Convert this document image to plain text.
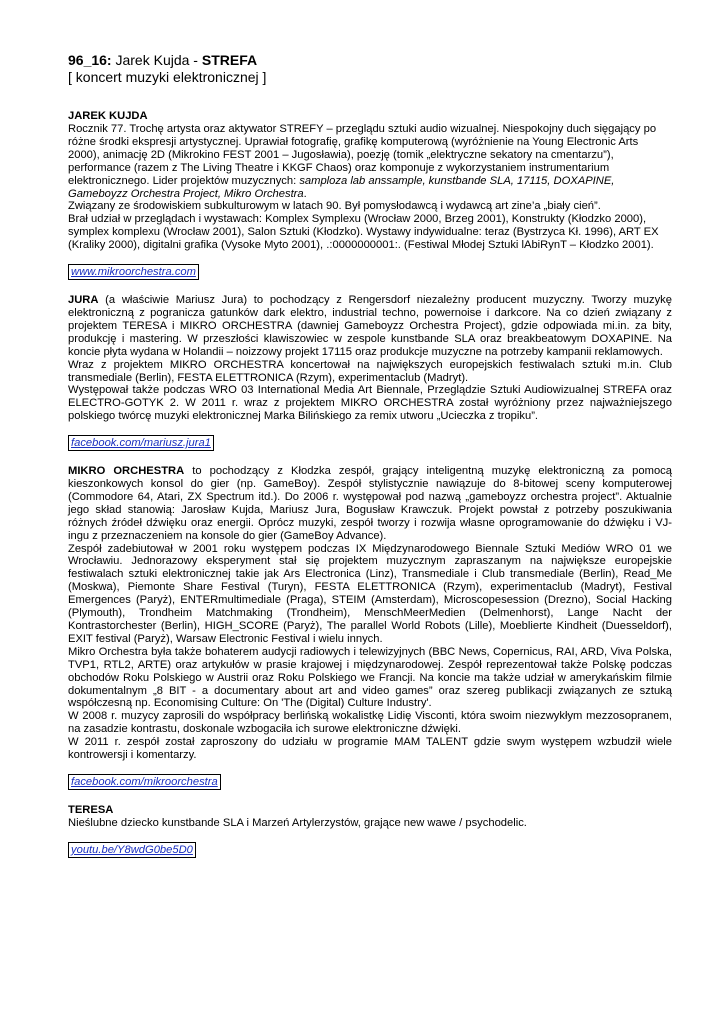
96_16: Jarek Kujda - STREFA

[ koncert muzyki elektronicznej ]

JAREK KUJDA

Rocznik 77. Trochę artysta oraz aktywator STREFY – przeglądu sztuki audio wizualnej. Niespokojny duch sięgający po różne środki ekspresji artystycznej. Uprawiał fotografię, grafikę komputerową (wyróżnienie na Young Electronic Arts 2000), animację 2D (Mikrokino FEST 2001 – Jugosławia), poezję (tomik „elektryczne sekatory na cmentarzu”), performance (razem z The Living Theatre i KKGF Chaos) oraz komponuje z wykorzystaniem instrumentarium elektronicznego. Lider projektów muzycznych: samploza lab anssample, kunstbande SLA, 17115, DOXAPINE, Gameboyzz Orchestra Project, Mikro Orchestra.

Związany ze środowiskiem subkulturowym w latach 90. Był pomysłodawcą i wydawcą art zine’a „biały cień”.

Brał udział w przeglądach i wystawach: Komplex Symplexu (Wrocław 2000, Brzeg 2001), Konstrukty (Kłodzko 2000), symplex komplexu (Wrocław 2001), Salon Sztuki (Kłodzko). Wystawy indywidualne: teraz (Bystrzyca Kł. 1996), ART EX (Kraliky 2000), digitalni grafika (Vysoke Myto 2001), .:0000000001:. (Festiwal Młodej Sztuki lAbiRynT – Kłodzko 2001).

www.mikroorchestra.com

JURA (a właściwie Mariusz Jura) to pochodzący z Rengersdorf niezależny producent muzyczny. Tworzy muzykę elektroniczną z pogranicza gatunków dark elektro, industrial techno, powernoise i darkcore. Na co dzień związany z projektem TERESA i MIKRO ORCHESTRA (dawniej Gameboyzz Orchestra Project), gdzie odpowiada mi.in. za bity, produkcję i mastering. W przeszłości klawiszowiec w zespole kunstbande SLA oraz breakbeatowym DOXAPINE. Na koncie płyta wydana w Holandii – noizzowy projekt 17115 oraz produkcje muzyczne na potrzeby kampanii reklamowych.

Wraz z projektem MIKRO ORCHESTRA koncertował na największych europejskich festiwalach sztuki m.in. Club transmediale (Berlin), FESTA ELETTRONICA (Rzym), experimentaclub (Madryt).

Występował także podczas WRO 03 International Media Art Biennale, Przeglądzie Sztuki Audiowizualnej STREFA oraz ELECTRO-GOTYK 2. W 2011 r. wraz z projektem MIKRO ORCHESTRA został wyróżniony przez najważniejszego polskiego twórcę muzyki elektronicznej Marka Bilińskiego za remix utworu „Ucieczka z tropiku”.

facebook.com/mariusz.jura1

MIKRO ORCHESTRA to pochodzący z Kłodzka zespół, grający inteligentną muzykę elektroniczną za pomocą kieszonkowych konsol do gier (np. GameBoy). Zespół stylistycznie nawiązuje do 8-bitowej sceny komputerowej (Commodore 64, Atari, ZX Spectrum itd.). Do 2006 r. występował pod nazwą „gameboyzz orchestra project”. Aktualnie jego skład stanowią: Jarosław Kujda, Mariusz Jura, Bogusław Krawczuk. Projekt powstał z potrzeby poszukiwania różnych źródeł dźwięku oraz energii. Oprócz muzyki, zespół tworzy i rozwija własne oprogramowanie do dźwięku i VJ-ingu z przeznaczeniem na konsole do gier (GameBoy Advance).

Zespół zadebiutował w 2001 roku występem podczas IX Międzynarodowego Biennale Sztuki Mediów WRO 01 we Wrocławiu. Jednorazowy eksperyment stał się projektem muzycznym zapraszanym na największe europejskie festiwalach sztuki elektronicznej takie jak Ars Electronica (Linz), Transmediale i Club transmediale (Berlin), Read_Me (Moskwa), Piemonte Share Festival (Turyn), FESTA ELETTRONICA (Rzym), experimentaclub (Madryt), Festival Emergences (Paryż), ENTERmultimediale (Praga), STEIM (Amsterdam), Microscopesession (Drezno), Social Hacking (Plymouth), Trondheim Matchmaking (Trondheim), MenschMeerMedien (Delmenhorst), Lange Nacht der Kontrastorchester (Berlin), HIGH_SCORE (Paryż), The parallel World Robots (Lille), Moeblierte Kindheit (Duesseldorf), EXIT festival (Paryż), Warsaw Electronic Festival i wielu innych.

Mikro Orchestra była także bohaterem audycji radiowych i telewizyjnych (BBC News, Copernicus, RAI, ARD, Viva Polska, TVP1, RTL2, ARTE) oraz artykułów w prasie krajowej i międzynarodowej. Zespół reprezentował także Polskę podczas obchodów Roku Polskiego w Austrii oraz Roku Polskiego we Francji. Na koncie ma także udział w amerykańskim filmie dokumentalnym „8 BIT - a documentary about art and video games” oraz szereg publikacji związanych ze sztuką współczesną np. Economising Culture: On 'The (Digital) Culture Industry'.

W 2008 r. muzycy zaprosili do współpracy berlińską wokalistkę Lidię Visconti, która swoim niezwykłym mezzosopranem, na zasadzie kontrastu, doskonale wzbogaciła ich surowe elektroniczne dźwięki.

W 2011 r. zespół został zaproszony do udziału w programie MAM TALENT gdzie swym występem wzbudził wiele kontrowersji i komentarzy.

facebook.com/mikroorchestra

TERESA

Nieślubne dziecko kunstbande SLA i Marzeń Artylerzystów, grające new wawe / psychodelic.

youtu.be/Y8wdG0be5D0
